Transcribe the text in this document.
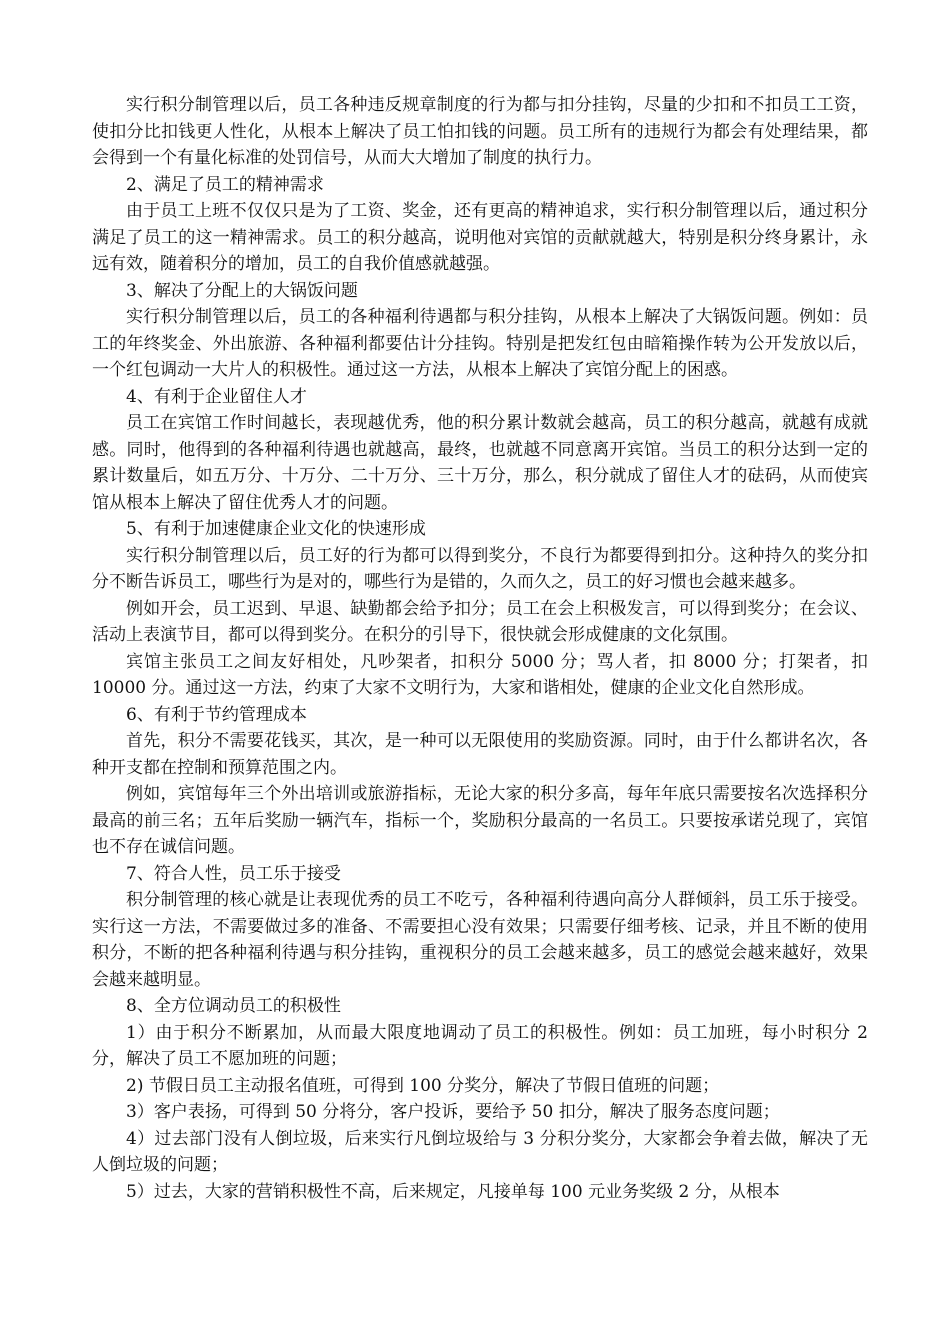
实行积分制管理以后，员工各种违反规章制度的行为都与扣分挂钩，尽量的少扣和不扣员工工资，使扣分比扣钱更人性化，从根本上解决了员工怕扣钱的问题。员工所有的违规行为都会有处理结果，都会得到一个有量化标准的处罚信号，从而大大增加了制度的执行力。

2、满足了员工的精神需求

由于员工上班不仅仅只是为了工资、奖金，还有更高的精神追求，实行积分制管理以后，通过积分满足了员工的这一精神需求。员工的积分越高，说明他对宾馆的贡献就越大，特别是积分终身累计，永远有效，随着积分的增加，员工的自我价值感就越强。

3、解决了分配上的大锅饭问题

实行积分制管理以后，员工的各种福利待遇都与积分挂钩，从根本上解决了大锅饭问题。例如：员工的年终奖金、外出旅游、各种福利都要估计分挂钩。特别是把发红包由暗箱操作转为公开发放以后，一个红包调动一大片人的积极性。通过这一方法，从根本上解决了宾馆分配上的困惑。

4、有利于企业留住人才

员工在宾馆工作时间越长，表现越优秀，他的积分累计数就会越高，员工的积分越高，就越有成就感。同时，他得到的各种福利待遇也就越高，最终，也就越不同意离开宾馆。当员工的积分达到一定的累计数量后，如五万分、十万分、二十万分、三十万分，那么，积分就成了留住人才的砝码，从而使宾馆从根本上解决了留住优秀人才的问题。

5、有利于加速健康企业文化的快速形成

实行积分制管理以后，员工好的行为都可以得到奖分，不良行为都要得到扣分。这种持久的奖分扣分不断告诉员工，哪些行为是对的，哪些行为是错的，久而久之，员工的好习惯也会越来越多。

例如开会，员工迟到、早退、缺勤都会给予扣分；员工在会上积极发言，可以得到奖分；在会议、活动上表演节目，都可以得到奖分。在积分的引导下，很快就会形成健康的文化氛围。

宾馆主张员工之间友好相处，凡吵架者，扣积分 5000 分；骂人者，扣 8000 分；打架者，扣 10000 分。通过这一方法，约束了大家不文明行为，大家和谐相处，健康的企业文化自然形成。

6、有利于节约管理成本

首先，积分不需要花钱买，其次，是一种可以无限使用的奖励资源。同时，由于什么都讲名次，各种开支都在控制和预算范围之内。

例如，宾馆每年三个外出培训或旅游指标，无论大家的积分多高，每年年底只需要按名次选择积分最高的前三名；五年后奖励一辆汽车，指标一个，奖励积分最高的一名员工。只要按承诺兑现了，宾馆也不存在诚信问题。

7、符合人性，员工乐于接受

积分制管理的核心就是让表现优秀的员工不吃亏，各种福利待遇向高分人群倾斜，员工乐于接受。实行这一方法，不需要做过多的准备、不需要担心没有效果；只需要仔细考核、记录，并且不断的使用积分，不断的把各种福利待遇与积分挂钩，重视积分的员工会越来越多，员工的感觉会越来越好，效果会越来越明显。

8、全方位调动员工的积极性

1）由于积分不断累加，从而最大限度地调动了员工的积极性。例如：员工加班，每小时积分 2 分，解决了员工不愿加班的问题；

2) 节假日员工主动报名值班，可得到 100 分奖分，解决了节假日值班的问题；

3）客户表扬，可得到 50 分将分，客户投诉，要给予 50 扣分，解决了服务态度问题；

4）过去部门没有人倒垃圾，后来实行凡倒垃圾给与 3 分积分奖分，大家都会争着去做，解决了无人倒垃圾的问题；

5）过去，大家的营销积极性不高，后来规定，凡接单每 100 元业务奖级 2 分，从根本
